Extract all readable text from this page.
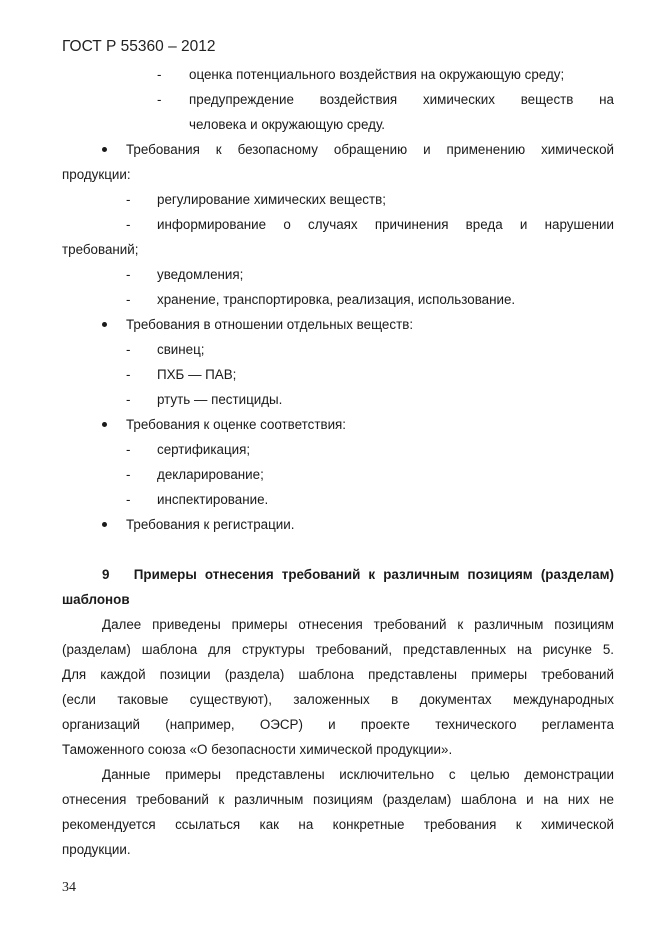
ГОСТ Р 55360 – 2012
- оценка потенциального воздействия на окружающую среду;
- предупреждение воздействия химических веществ на
человека и окружающую среду.
Требования к безопасному обращению и применению химической
продукции:
- регулирование химических веществ;
- информирование о случаях причинения вреда и нарушении
требований;
- уведомления;
- хранение, транспортировка, реализация, использование.
Требования в отношении отдельных веществ:
- свинец;
- ПХБ — ПАВ;
- ртуть — пестициды.
Требования к оценке соответствия:
- сертификация;
- декларирование;
- инспектирование.
Требования к регистрации.
9   Примеры отнесения требований к различным позициям (разделам)
шаблонов
Далее приведены примеры отнесения требований к различным позициям
(разделам) шаблона для структуры требований, представленных на рисунке 5.
Для каждой позиции (раздела) шаблона представлены примеры требований
(если таковые существуют), заложенных в документах международных
организаций (например, ОЭСР) и проекте технического регламента
Таможенного союза «О безопасности химической продукции».
Данные примеры представлены исключительно с целью демонстрации
отнесения требований к различным позициям (разделам) шаблона и на них не
рекомендуется ссылаться как на конкретные требования к химической
продукции.
34
